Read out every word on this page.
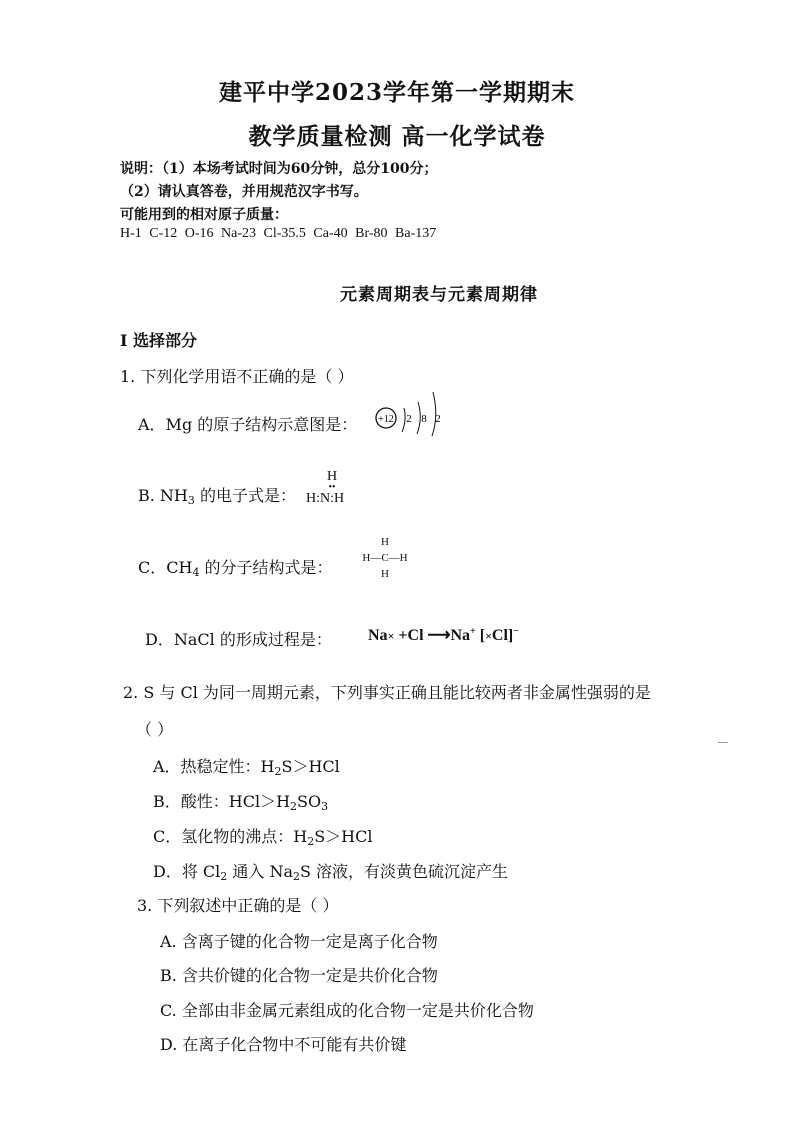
建平中学2023学年第一学期期末
教学质量检测 高一化学试卷
说明：（1）本场考试时间为60分钟，总分100分；
（2）请认真答卷，并用规范汉字书写。
可能用到的相对原子质量：
H-1 C-12 O-16 Na-23 Cl-35.5 Ca-40 Br-80 Ba-137
元素周期表与元素周期律
I 选择部分
1. 下列化学用语不正确的是（ ）
A．Mg 的原子结构示意图是： +12 2 8 2
B. $NH_3$ 的电子式是：
H
••
H:N:H
C．$CH_4$ 的分子结构式是：
H
H—C—H
H
D．NaCl 的形成过程是： Na× +Cl ⟶Na+ [×Cl]−
2. S 与 Cl 为同一周期元素，下列事实正确且能比较两者非金属性强弱的是
（ ）
A．热稳定性：$H_2S>HCl$
B．酸性：$HCl>H_2SO_3$
C．氢化物的沸点：$H_2S>HCl$
D．将 $Cl_2$ 通入 $Na_2S$ 溶液，有淡黄色硫沉淀产生
3. 下列叙述中正确的是（ ）
A. 含离子键的化合物一定是离子化合物
B. 含共价键的化合物一定是共价化合物
C. 全部由非金属元素组成的化合物一定是共价化合物
D. 在离子化合物中不可能有共价键
